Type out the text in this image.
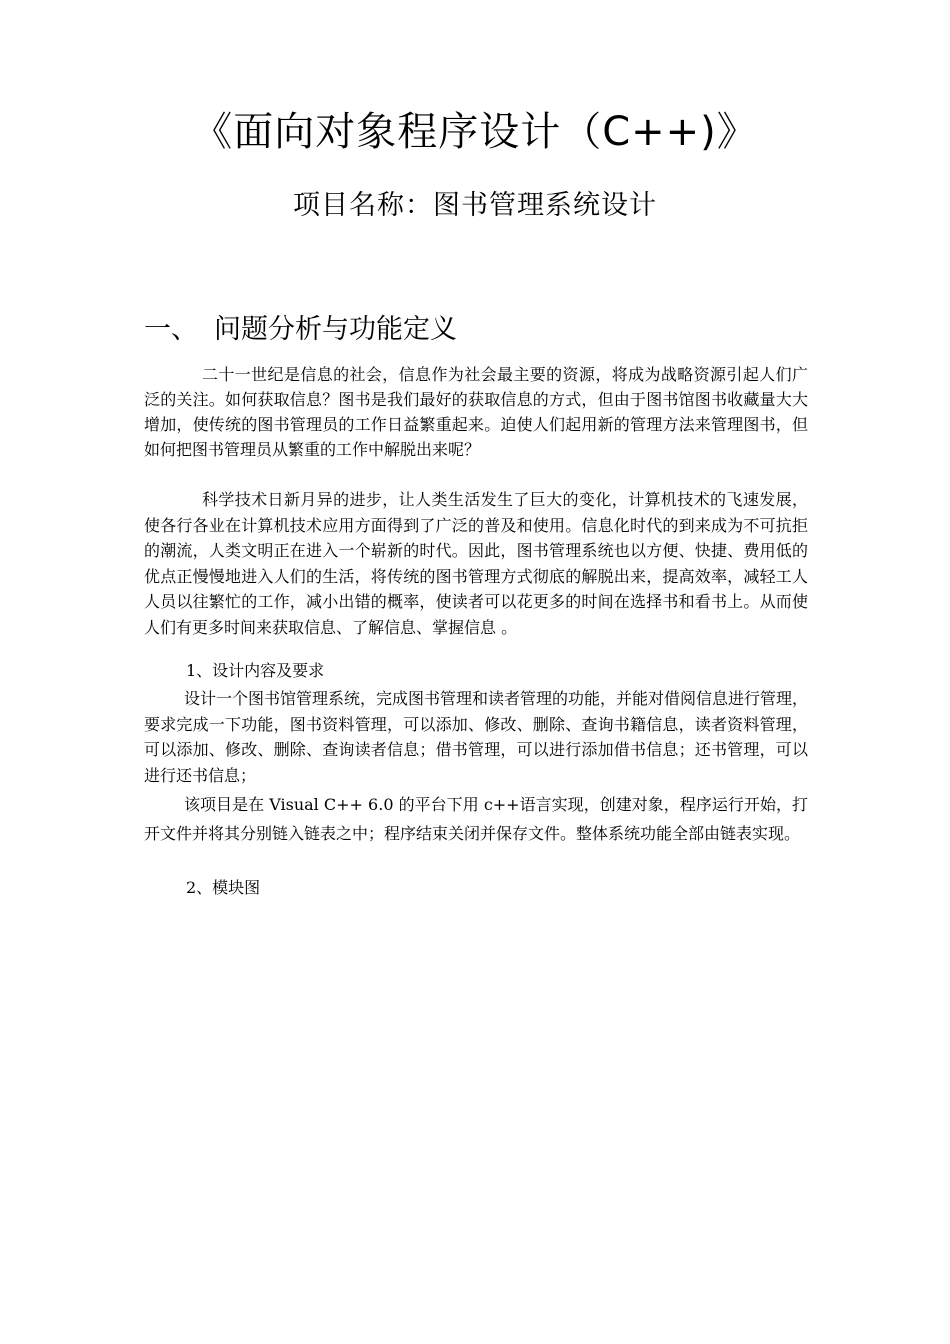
《面向对象程序设计（C++)》
项目名称：图书管理系统设计
一、 问题分析与功能定义

二十一世纪是信息的社会，信息作为社会最主要的资源，将成为战略资源引起人们广泛的关注。如何获取信息？图书是我们最好的获取信息的方式，但由于图书馆图书收藏量大大增加，使传统的图书管理员的工作日益繁重起来。迫使人们起用新的管理方法来管理图书，但如何把图书管理员从繁重的工作中解脱出来呢？

科学技术日新月异的进步，让人类生活发生了巨大的变化，计算机技术的飞速发展，使各行各业在计算机技术应用方面得到了广泛的普及和使用。信息化时代的到来成为不可抗拒的潮流，人类文明正在进入一个崭新的时代。因此，图书管理系统也以方便、快捷、费用低的优点正慢慢地进入人们的生活，将传统的图书管理方式彻底的解脱出来，提高效率，减轻工人人员以往繁忙的工作，减小出错的概率，使读者可以花更多的时间在选择书和看书上。从而使人们有更多时间来获取信息、了解信息、掌握信息 。

1、设计内容及要求

设计一个图书馆管理系统，完成图书管理和读者管理的功能，并能对借阅信息进行管理，要求完成一下功能，图书资料管理，可以添加、修改、删除、查询书籍信息，读者资料管理，可以添加、修改、删除、查询读者信息；借书管理，可以进行添加借书信息；还书管理，可以进行还书信息；

该项目是在 Visual C++ 6.0 的平台下用 c++语言实现，创建对象，程序运行开始，打开文件并将其分别链入链表之中；程序结束关闭并保存文件。整体系统功能全部由链表实现。

2、模块图
